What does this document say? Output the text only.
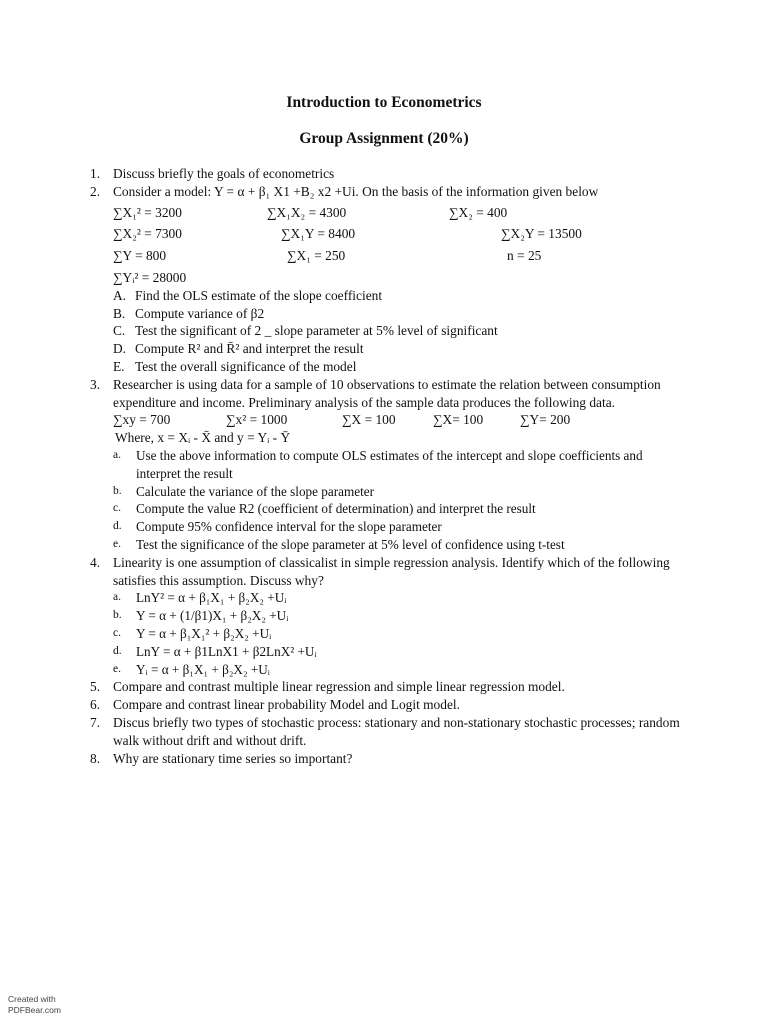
Introduction to Econometrics
Group Assignment (20%)
1. Discuss briefly the goals of econometrics
2. Consider a model: Y = α + β₁ X1 +B₂ x2 +Ui. On the basis of the information given below
∑X₁² = 3200	∑X₁X₂ = 4300	∑X₂ = 400
∑X₂² = 7300	∑X₁Y = 8400	∑X₂Y = 13500
∑Y = 800	∑X₁ = 250	n = 25
∑Yᵢ² = 28000
A. Find the OLS estimate of the slope coefficient
B. Compute variance of β2
C. Test the significant of 2 _ slope parameter at 5% level of significant
D. Compute R² and R̄² and interpret the result
E. Test the overall significance of the model
3. Researcher is using data for a sample of 10 observations to estimate the relation between consumption expenditure and income. Preliminary analysis of the sample data produces the following data.
∑xy = 700	∑x² = 1000	∑X = 100	∑X= 100	∑Y= 200
Where, x = Xᵢ - X̄ and y = Yᵢ - Ȳ
a. Use the above information to compute OLS estimates of the intercept and slope coefficients and interpret the result
b. Calculate the variance of the slope parameter
c. Compute the value R2 (coefficient of determination) and interpret the result
d. Compute 95% confidence interval for the slope parameter
e. Test the significance of the slope parameter at 5% level of confidence using t-test
4. Linearity is one assumption of classicalist in simple regression analysis. Identify which of the following satisfies this assumption. Discuss why?
a. LnY² = α + β₁X₁ + β₂X₂ +Uᵢ
b. Y = α + (1/β1)X₁ + β₂X₂ +Uᵢ
c. Y = α + β₁X₁² + β₂X₂ +Uᵢ
d. LnY = α + β1LnX1 + β2LnX² +Uᵢ
e. Yᵢ = α + β₁X₁ + β₂X₂ +Uᵢ
5. Compare and contrast multiple linear regression and simple linear regression model.
6. Compare and contrast linear probability Model and Logit model.
7. Discus briefly two types of stochastic process: stationary and non-stationary stochastic processes; random walk without drift and without drift.
8. Why are stationary time series so important?
Created with
PDFBear.com
